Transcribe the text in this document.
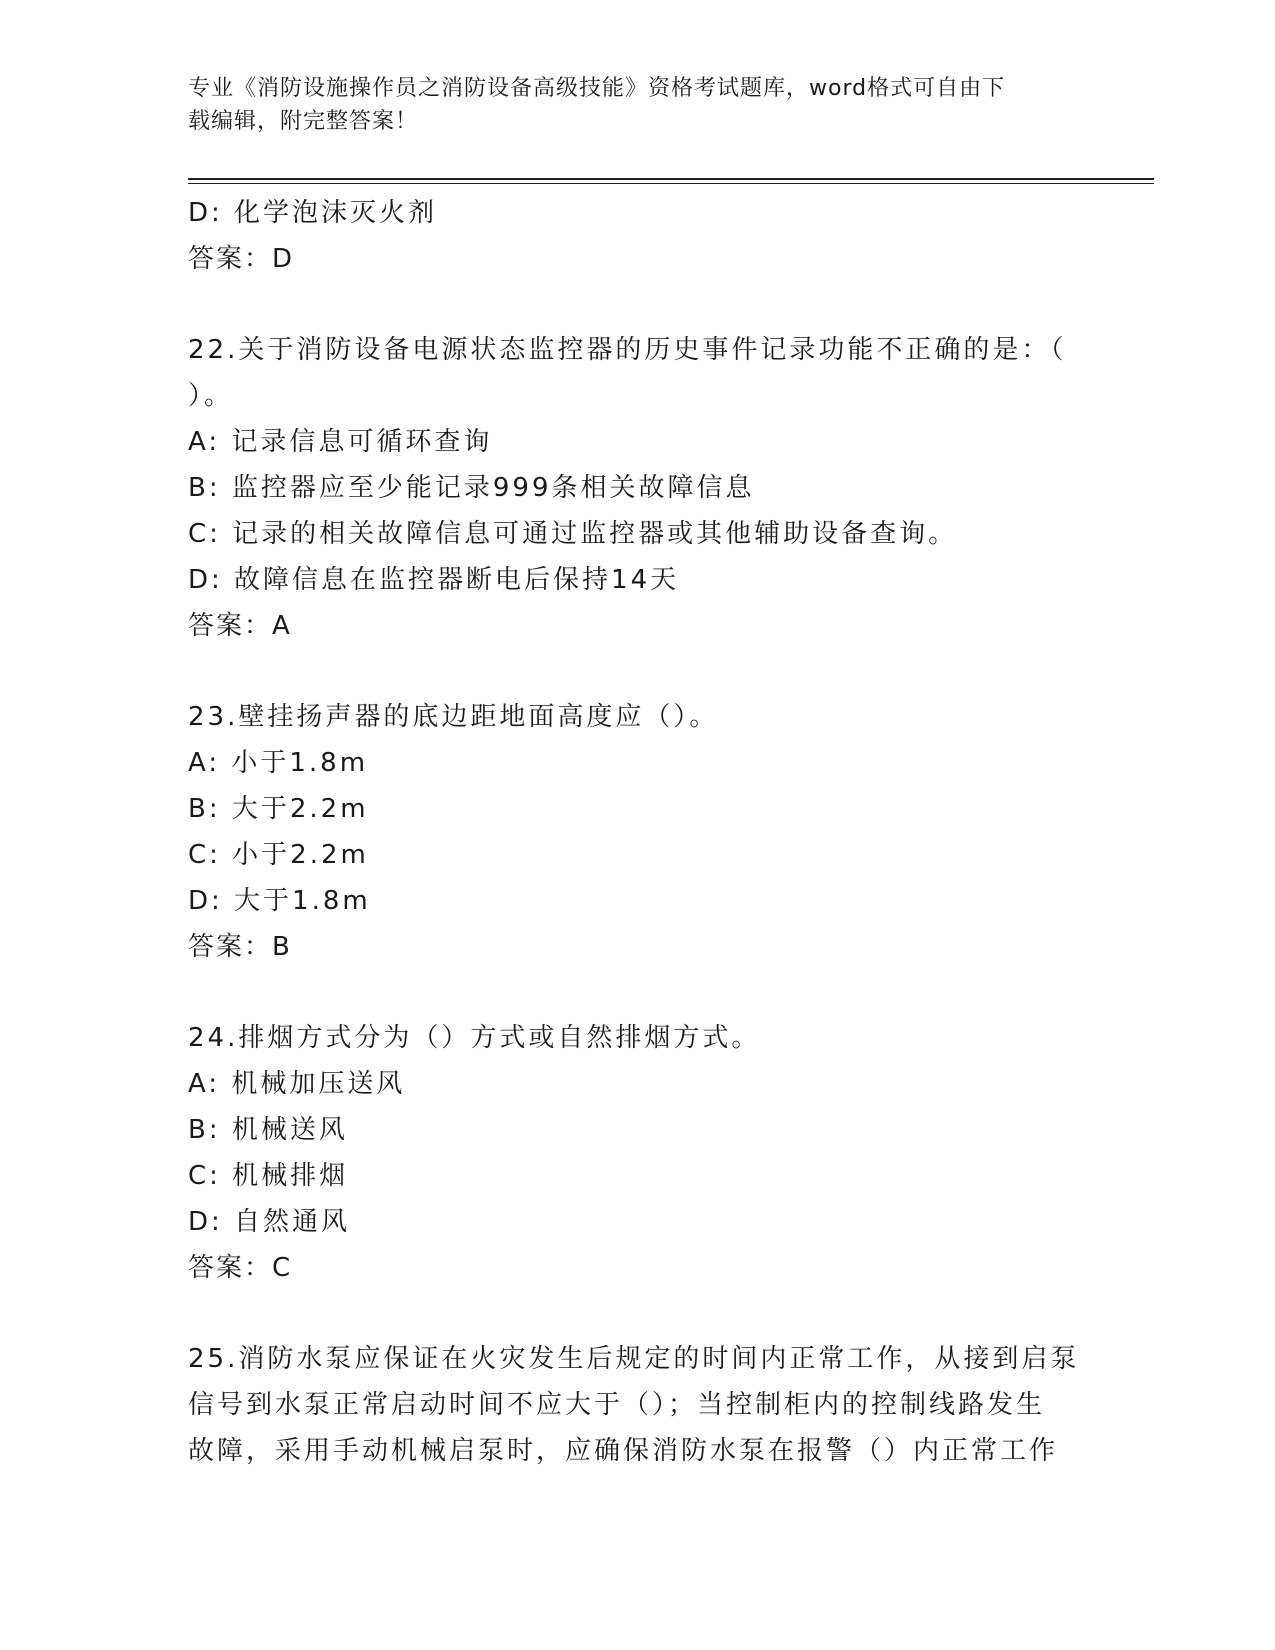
专业《消防设施操作员之消防设备高级技能》资格考试题库，word格式可自由下
载编辑，附完整答案！
D: 化学泡沫灭火剂
答案：D
22.关于消防设备电源状态监控器的历史事件记录功能不正确的是：（
）。
A: 记录信息可循环查询
B: 监控器应至少能记录999条相关故障信息
C: 记录的相关故障信息可通过监控器或其他辅助设备查询。
D: 故障信息在监控器断电后保持14天
答案：A
23.壁挂扬声器的底边距地面高度应（）。
A: 小于1.8m
B: 大于2.2m
C: 小于2.2m
D: 大于1.8m
答案：B
24.排烟方式分为（）方式或自然排烟方式。
A: 机械加压送风
B: 机械送风
C: 机械排烟
D: 自然通风
答案：C
25.消防水泵应保证在火灾发生后规定的时间内正常工作，从接到启泵
信号到水泵正常启动时间不应大于（）；当控制柜内的控制线路发生
故障，采用手动机械启泵时，应确保消防水泵在报警（）内正常工作
